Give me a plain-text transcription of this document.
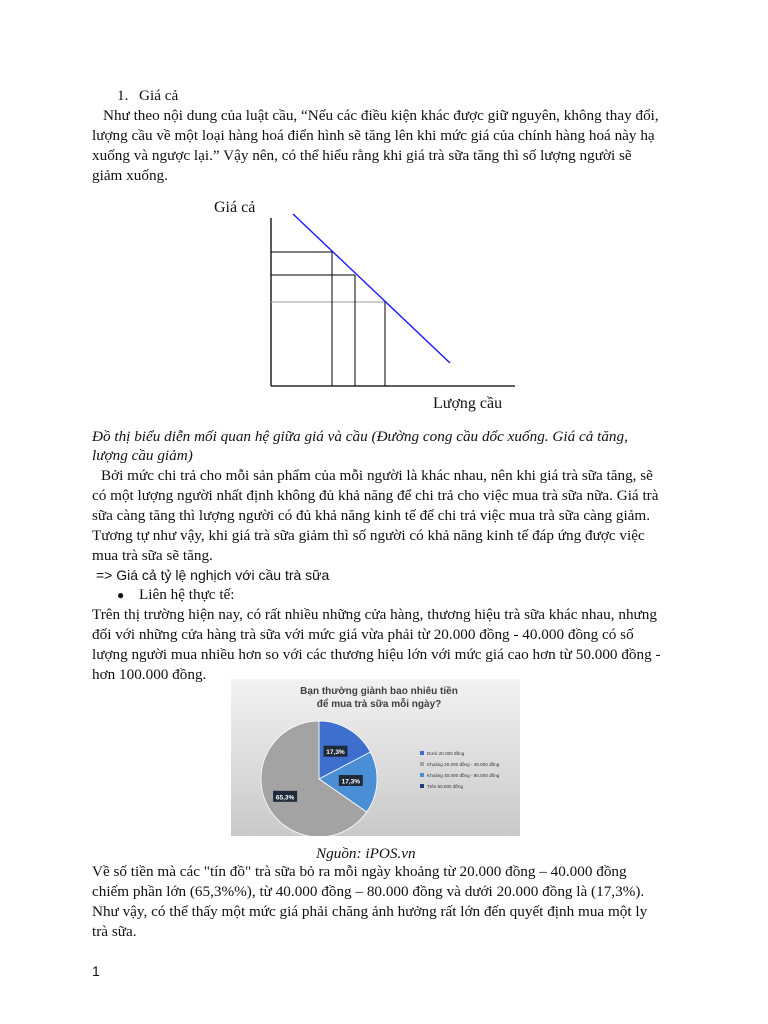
1. Giá cả
Như theo nội dung của luật cầu, “Nếu các điều kiện khác được giữ nguyên, không thay đổi,
lượng cầu về một loại hàng hoá điển hình sẽ tăng lên khi mức giá của chính hàng hoá này hạ
xuống và ngược lại.” Vậy nên, có thể hiểu rằng khi giá trà sữa tăng thì số lượng người sẽ
giảm xuống.
Giá cả
Lượng cầu
Đồ thị biểu diễn mối quan hệ giữa giá và cầu (Đường cong cầu dốc xuống. Giá cả tăng,
lượng cầu giảm)
Bởi mức chi trả cho mỗi sản phẩm của mỗi người là khác nhau, nên khi giá trà sữa tăng, sẽ
có một lượng người nhất định không đủ khả năng để chi trả cho việc mua trà sữa nữa. Giá trà
sữa càng tăng thì lượng người có đủ khả năng kinh tế để chi trả việc mua trà sữa càng giảm.
Tương tự như vậy, khi giá trà sữa giảm thì số người có khả năng kinh tế đáp ứng được việc
mua trà sữa sẽ tăng.
=> Giá cả tỷ lệ nghịch với cầu trà sữa
● Liên hệ thực tế:
Trên thị trường hiện nay, có rất nhiều những cửa hàng, thương hiệu trà sữa khác nhau, nhưng
đối với những cửa hàng trà sữa với mức giá vừa phải từ 20.000 đồng - 40.000 đồng có số
lượng người mua nhiều hơn so với các thương hiệu lớn với mức giá cao hơn từ 50.000 đồng -
hơn 100.000 đồng.
Bạn thường giành bao nhiêu tiền
để mua trà sữa mỗi ngày?
17,3%
17,3%
65,3%
Dưới 20.000 đồng
Khoảng 20.000 đồng - 40.000 đồng
Khoảng 40.000 đồng - 80.000 đồng
Trên 80.000 đồng
Nguồn: iPOS.vn
Về số tiền mà các "tín đồ" trà sữa bỏ ra mỗi ngày khoảng từ 20.000 đồng – 40.000 đồng
chiếm phần lớn (65,3%%), từ 40.000 đồng – 80.000 đồng và dưới 20.000 đồng là (17,3%).
Như vậy, có thể thấy một mức giá phải chăng ảnh hưởng rất lớn đến quyết định mua một ly
trà sữa.
1
